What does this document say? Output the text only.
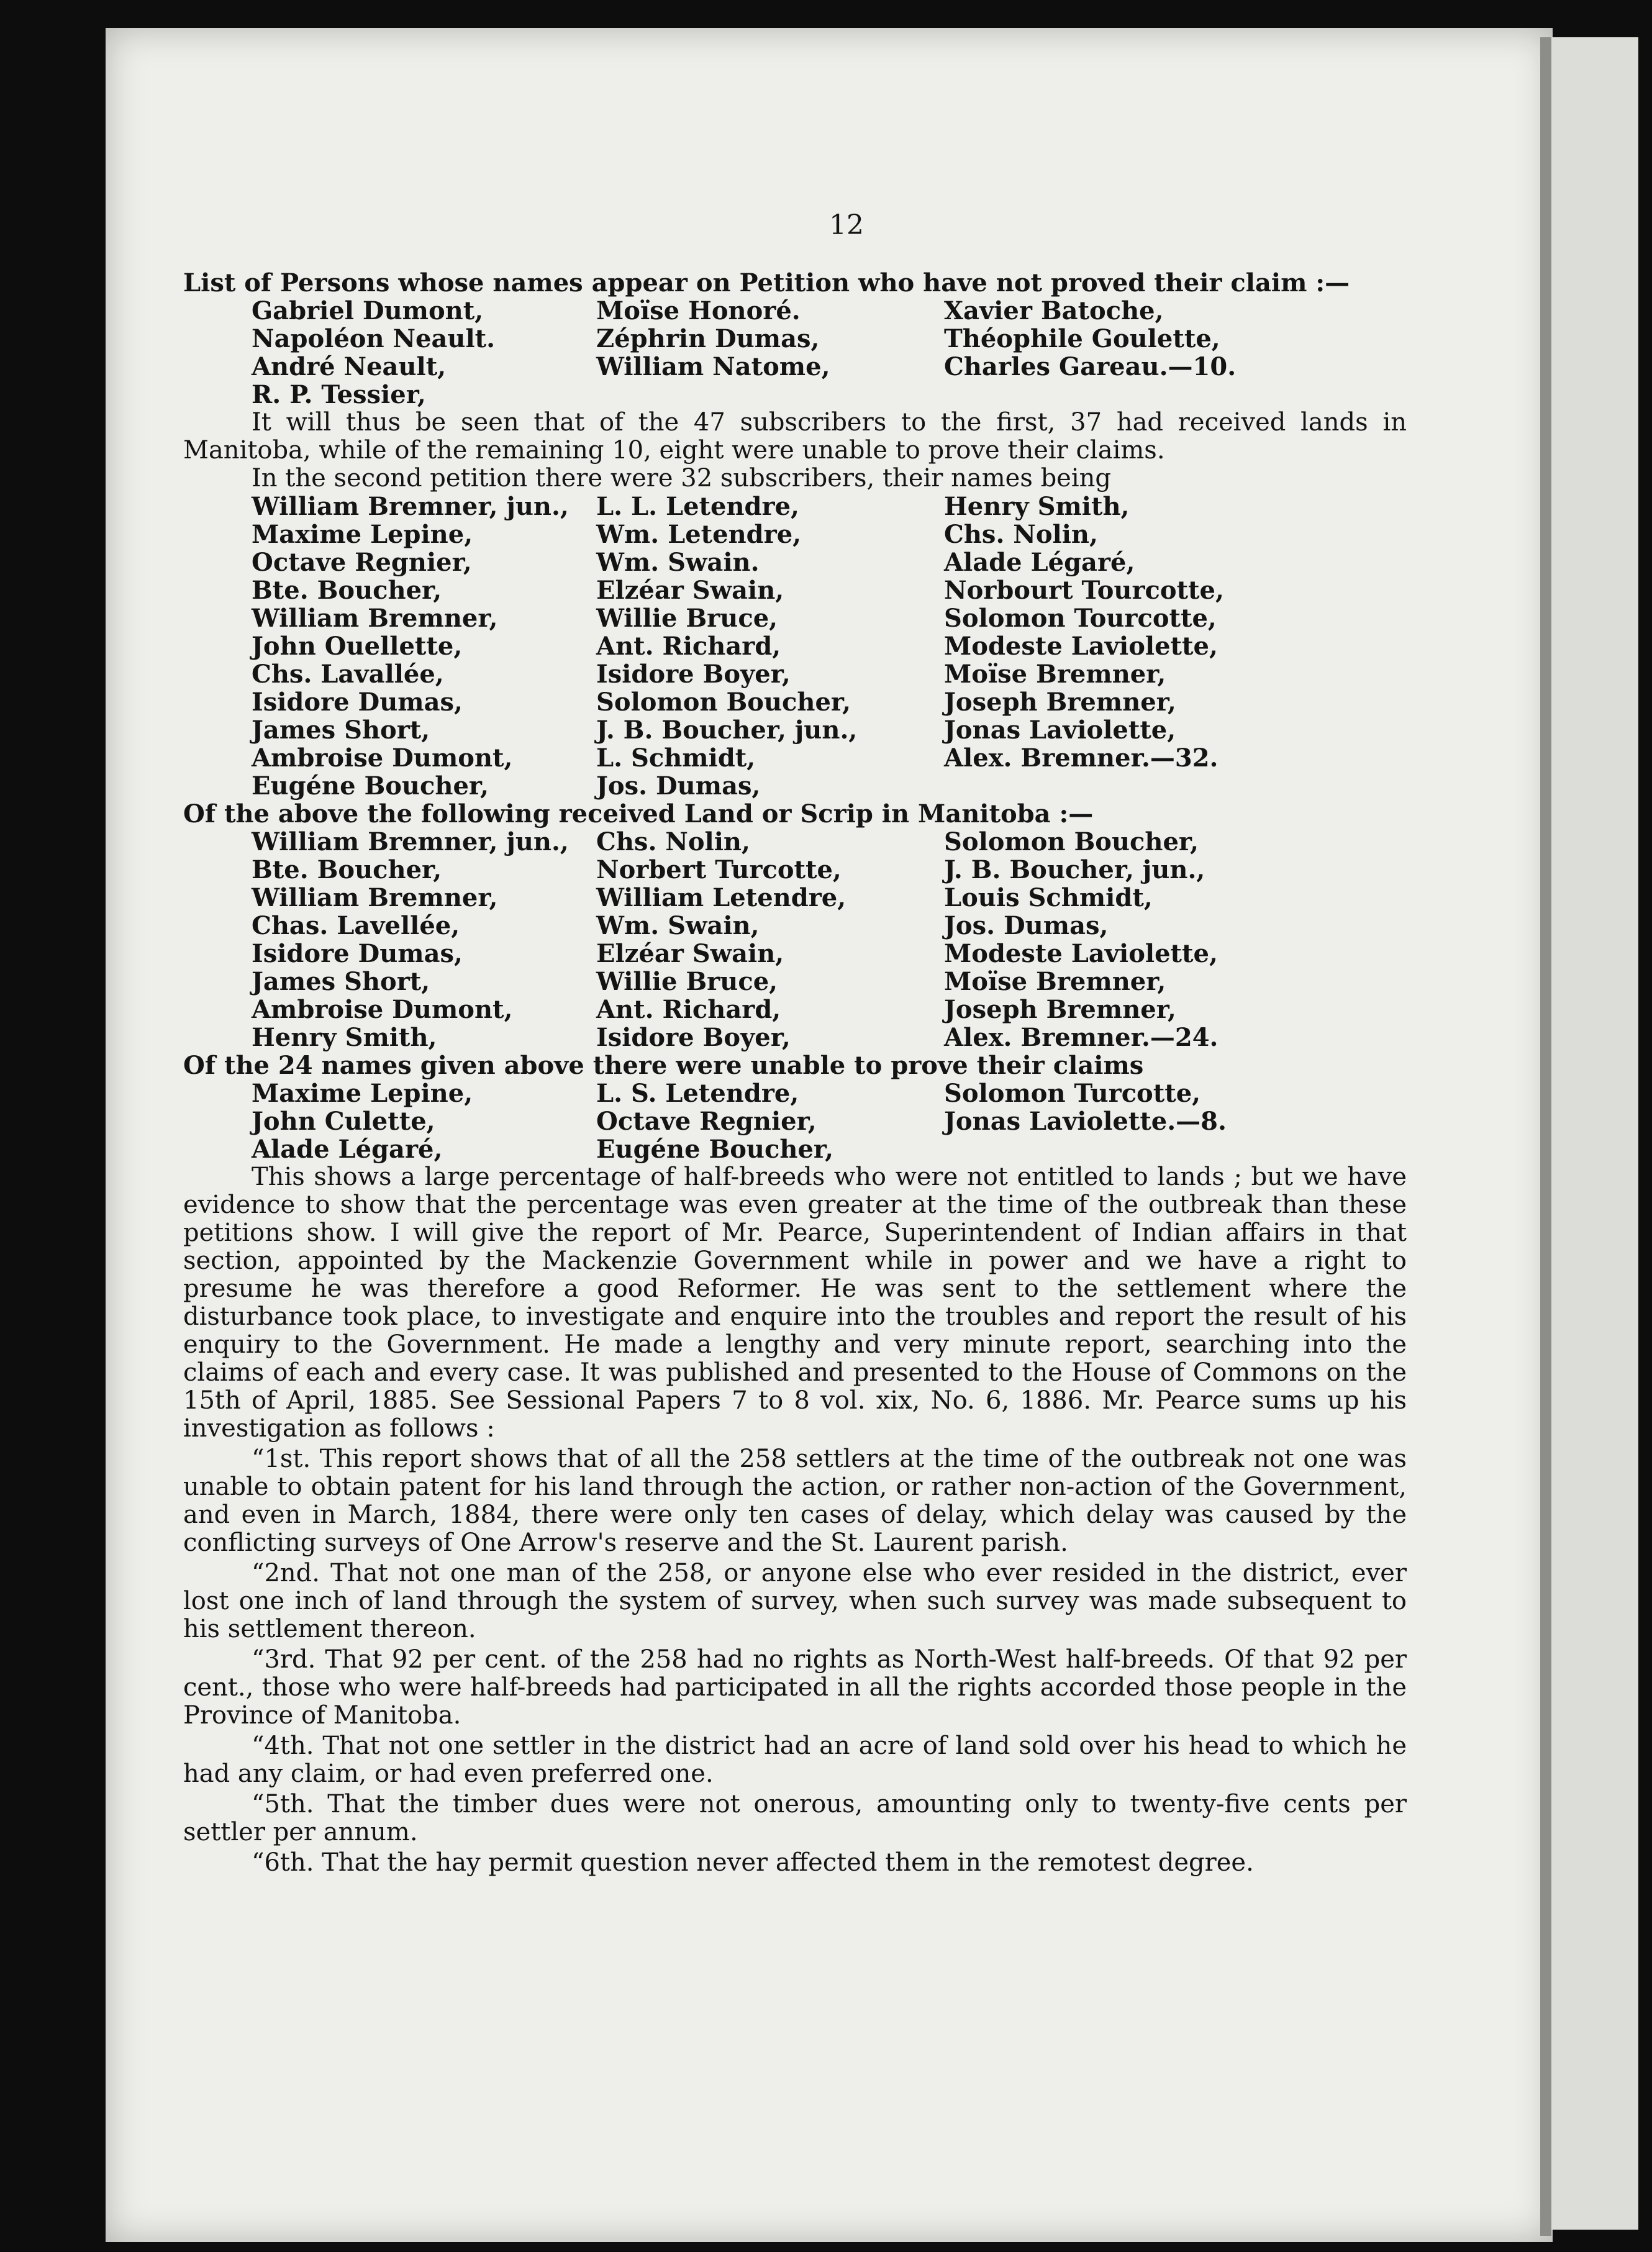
12

List of Persons whose names appear on Petition who have not proved their claim :—

Gabriel Dumont,
Napoléon Neault.
André Neault,
R. P. Tessier,
Moïse Honoré.
Zéphrin Dumas,
William Natome,
Xavier Batoche,
Théophile Goulette,
Charles Gareau.—10.

It will thus be seen that of the 47 subscribers to the first, 37 had received lands in Manitoba, while of the remaining 10, eight were unable to prove their claims.

In the second petition there were 32 subscribers, their names being

William Bremner, jun.,
Maxime Lepine,
Octave Regnier,
Bte. Boucher,
William Bremner,
John Ouellette,
Chs. Lavallée,
Isidore Dumas,
James Short,
Ambroise Dumont,
Eugéne Boucher,
L. L. Letendre,
Wm. Letendre,
Wm. Swain.
Elzéar Swain,
Willie Bruce,
Ant. Richard,
Isidore Boyer,
Solomon Boucher,
J. B. Boucher, jun.,
L. Schmidt,
Jos. Dumas,
Henry Smith,
Chs. Nolin,
Alade Légaré,
Norbourt Tourcotte,
Solomon Tourcotte,
Modeste Laviolette,
Moïse Bremner,
Joseph Bremner,
Jonas Laviolette,
Alex. Bremner.—32.

Of the above the following received Land or Scrip in Manitoba :—

William Bremner, jun.,
Bte. Boucher,
William Bremner,
Chas. Lavellée,
Isidore Dumas,
James Short,
Ambroise Dumont,
Henry Smith,
Chs. Nolin,
Norbert Turcotte,
William Letendre,
Wm. Swain,
Elzéar Swain,
Willie Bruce,
Ant. Richard,
Isidore Boyer,
Solomon Boucher,
J. B. Boucher, jun.,
Louis Schmidt,
Jos. Dumas,
Modeste Laviolette,
Moïse Bremner,
Joseph Bremner,
Alex. Bremner.—24.

Of the 24 names given above there were unable to prove their claims

Maxime Lepine,
John Culette,
Alade Légaré,
L. S. Letendre,
Octave Regnier,
Eugéne Boucher,
Solomon Turcotte,
Jonas Laviolette.—8.

This shows a large percentage of half-breeds who were not entitled to lands ; but we have evidence to show that the percentage was even greater at the time of the outbreak than these petitions show. I will give the report of Mr. Pearce, Superintendent of Indian affairs in that section, appointed by the Mackenzie Government while in power and we have a right to presume he was therefore a good Reformer. He was sent to the settlement where the disturbance took place, to investigate and enquire into the troubles and report the result of his enquiry to the Government. He made a lengthy and very minute report, searching into the claims of each and every case. It was published and presented to the House of Commons on the 15th of April, 1885. See Sessional Papers 7 to 8 vol. xix, No. 6, 1886. Mr. Pearce sums up his investigation as follows :

“1st. This report shows that of all the 258 settlers at the time of the outbreak not one was unable to obtain patent for his land through the action, or rather non-action of the Government, and even in March, 1884, there were only ten cases of delay, which delay was caused by the conflicting surveys of One Arrow's reserve and the St. Laurent parish.

“2nd. That not one man of the 258, or anyone else who ever resided in the district, ever lost one inch of land through the system of survey, when such survey was made subsequent to his settlement thereon.

“3rd. That 92 per cent. of the 258 had no rights as North-West half-breeds. Of that 92 per cent., those who were half-breeds had participated in all the rights accorded those people in the Province of Manitoba.

“4th. That not one settler in the district had an acre of land sold over his head to which he had any claim, or had even preferred one.

“5th. That the timber dues were not onerous, amounting only to twenty-five cents per settler per annum.

“6th. That the hay permit question never affected them in the remotest degree.
